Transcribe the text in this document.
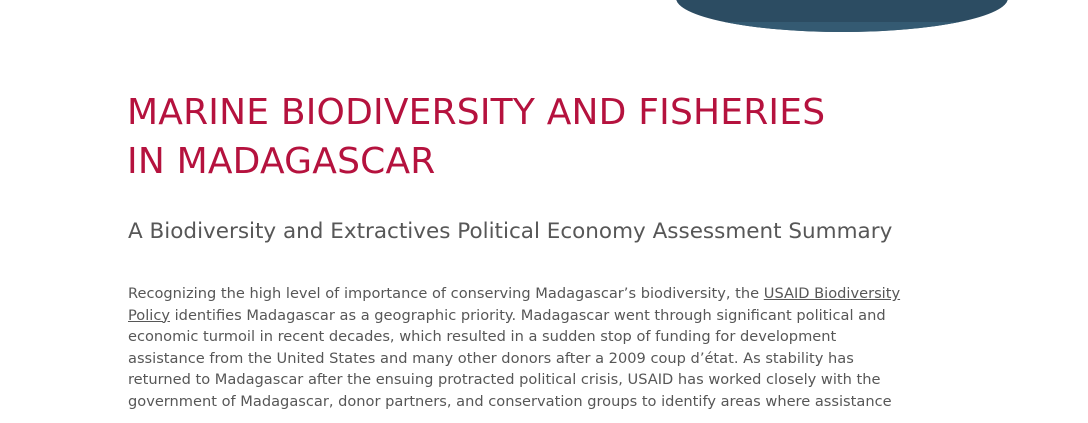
MARINE BIODIVERSITY AND FISHERIES
IN MADAGASCAR
A Biodiversity and Extractives Political Economy Assessment Summary

Recognizing the high level of importance of conserving Madagascar’s biodiversity, the USAID Biodiversity
Policy identifies Madagascar as a geographic priority. Madagascar went through significant political and
economic turmoil in recent decades, which resulted in a sudden stop of funding for development
assistance from the United States and many other donors after a 2009 coup d’état. As stability has
returned to Madagascar after the ensuing protracted political crisis, USAID has worked closely with the
government of Madagascar, donor partners, and conservation groups to identify areas where assistance
